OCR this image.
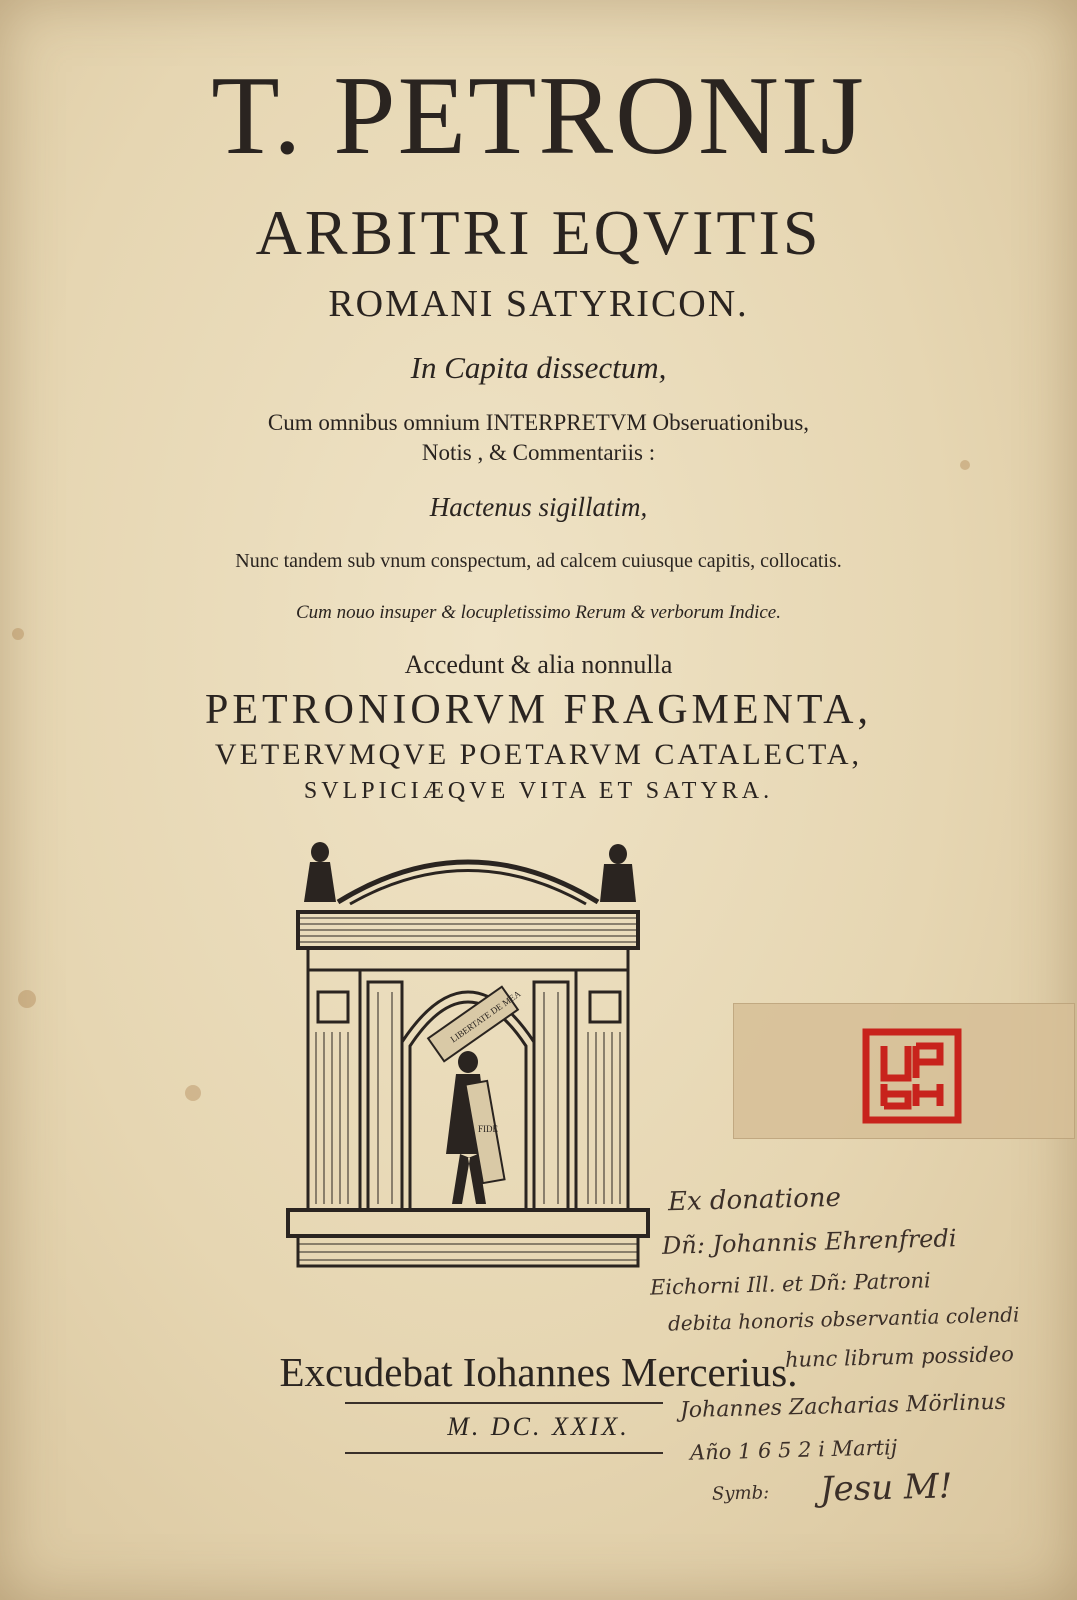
T. PETRONIJ
ARBITRI EQVITIS
ROMANI SATYRICON.
In Capita dissectum,
Cum omnibus omnium INTERPRETVM Obseruationibus,
Notis , & Commentariis :
Hactenus sigillatim,
Nunc tandem sub vnum conspectum, ad calcem cuiusque capitis, collocatis.
Cum nouo insuper & locupletissimo Rerum & verborum Indice.
Accedunt & alia nonnulla
PETRONIORVM FRAGMENTA,
VETERVMQVE POETARVM CATALECTA,
SVLPICIÆQVE VITA ET SATYRA.
LIBERTATE DE MEA
FIDE
Excudebat Iohannes Mercerius.
M. DC. XXIX.
Ex donatione
Dñ: Johannis Ehrenfredi
Eichorni Ill. et Dñ: Patroni
debita honoris observantia colendi
hunc librum possideo
Johannes Zacharias Mörlinus
Año 1 6 5 2 i Martij
Symb: Jesu M!
